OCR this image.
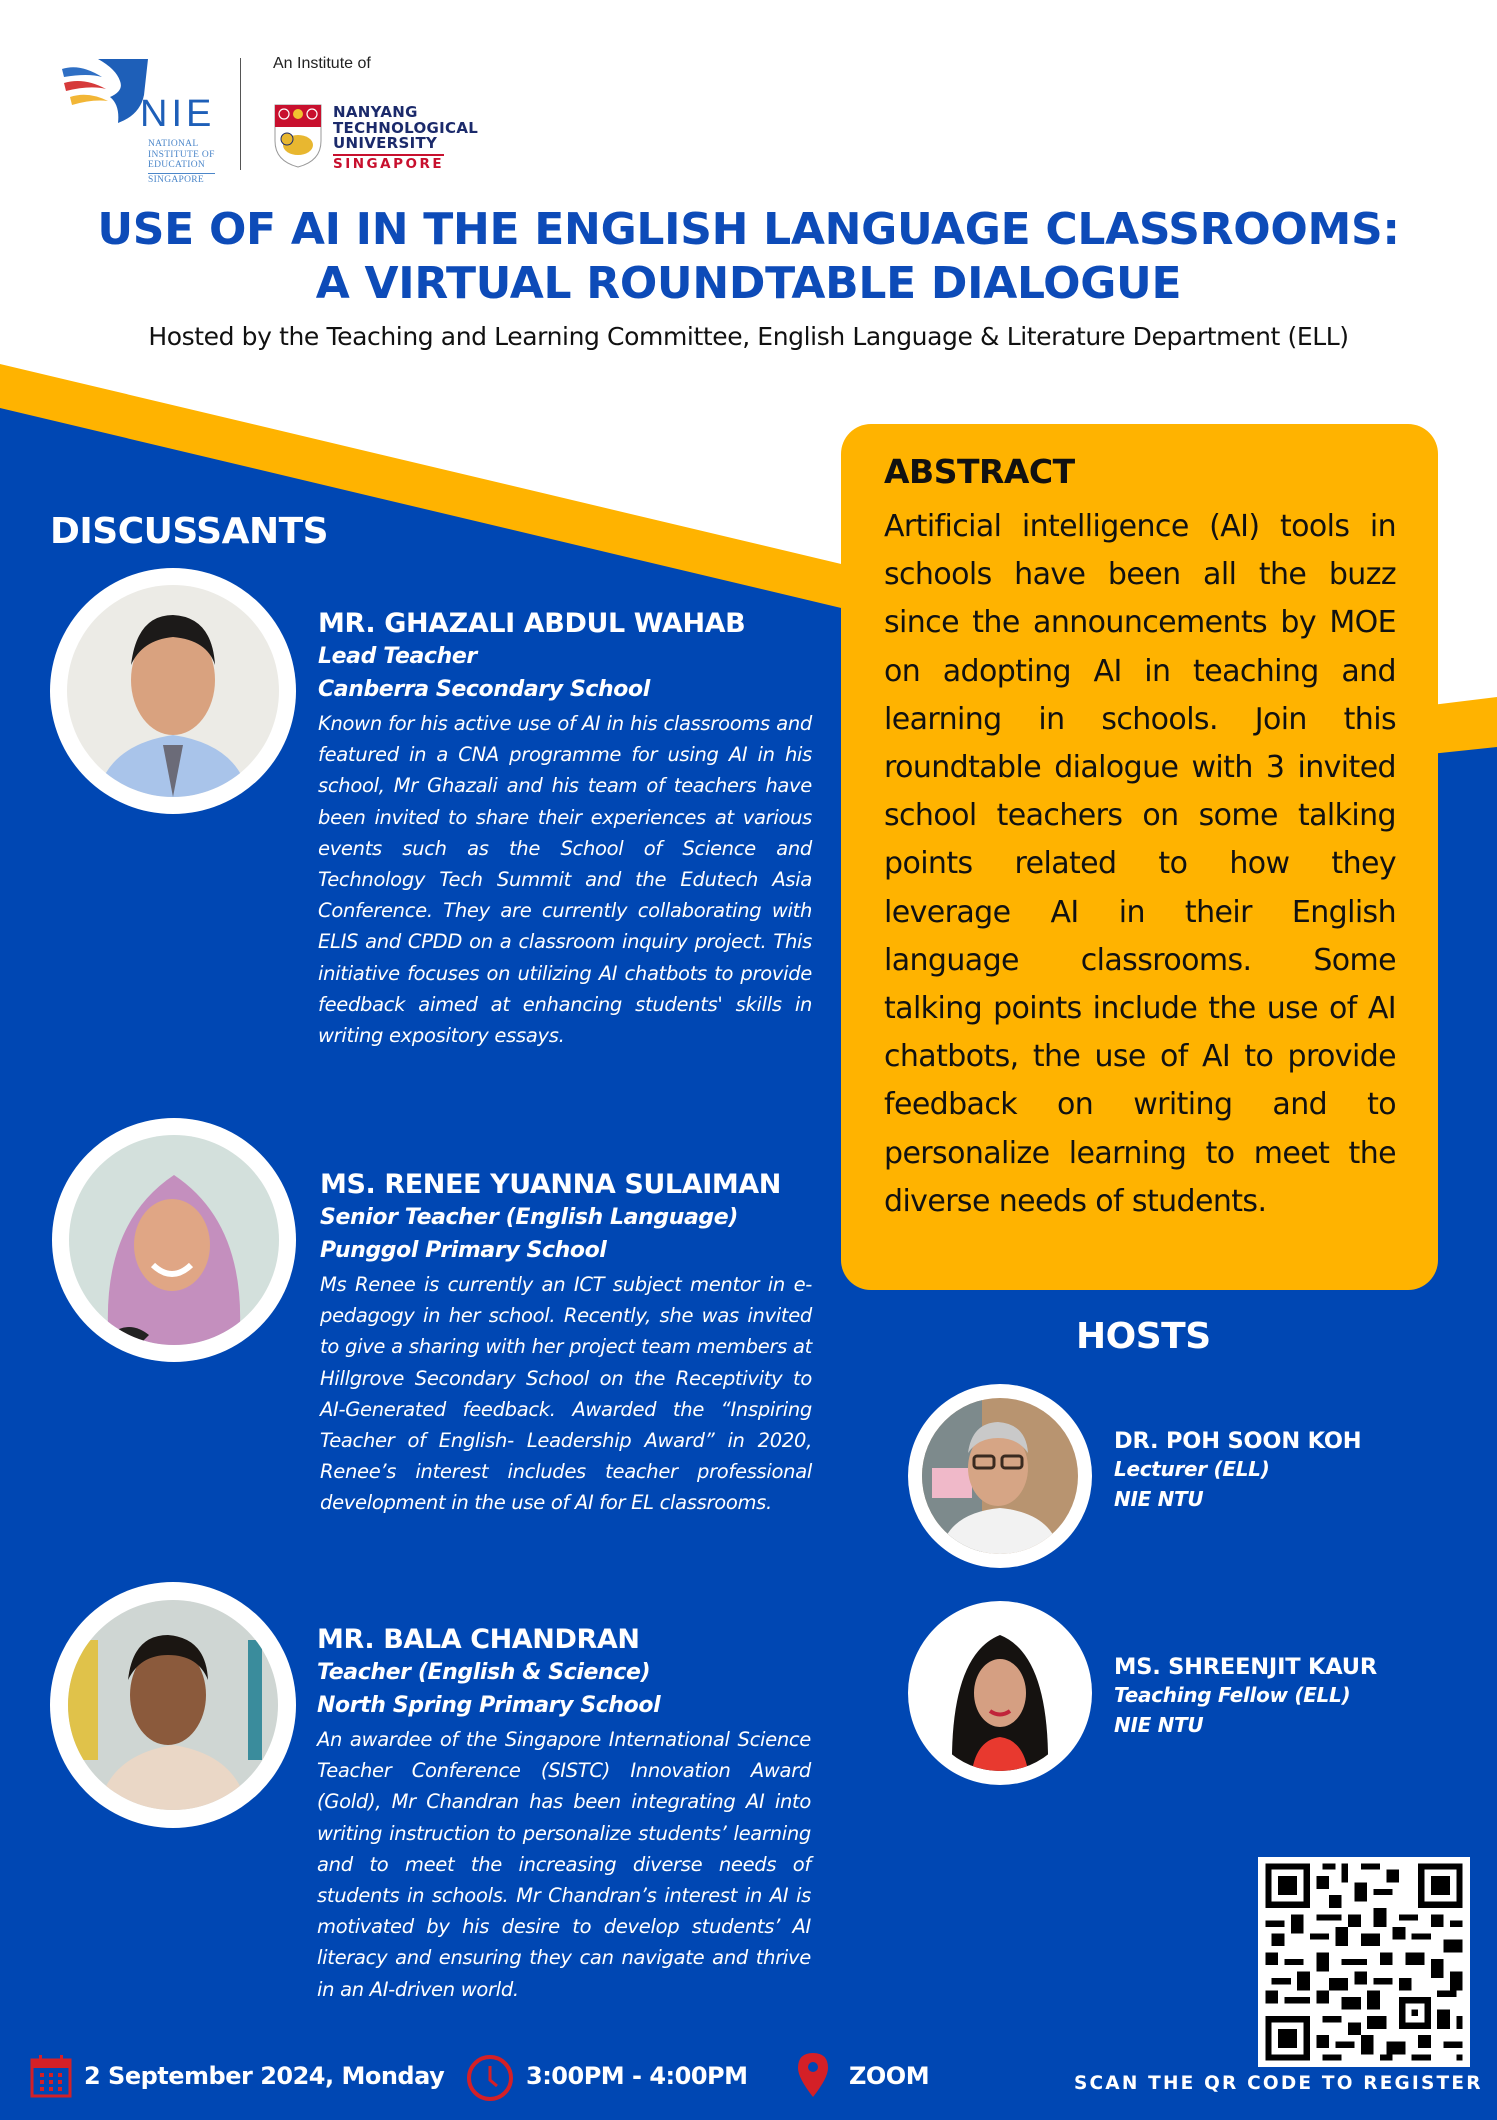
NIE
NATIONAL
INSTITUTE OF
EDUCATION
SINGAPORE
An Institute of
NANYANG
TECHNOLOGICAL
UNIVERSITY
SINGAPORE
USE OF AI IN THE ENGLISH LANGUAGE CLASSROOMS:
A VIRTUAL ROUNDTABLE DIALOGUE
Hosted by the Teaching and Learning Committee, English Language & Literature Department (ELL)
DISCUSSANTS
MR. GHAZALI ABDUL WAHAB
Lead Teacher
Canberra Secondary School
Known for his active use of AI in his classrooms and featured in a CNA programme for using AI in his school, Mr Ghazali and his team of teachers have been invited to share their experiences at various events such as the School of Science and Technology Tech Summit and the Edutech Asia Conference. They are currently collaborating with ELIS and CPDD on a classroom inquiry project. This initiative focuses on utilizing AI chatbots to provide feedback aimed at enhancing students' skills in writing expository essays.
MS. RENEE YUANNA SULAIMAN
Senior Teacher (English Language)
Punggol Primary School
Ms Renee is currently an ICT subject mentor in e-pedagogy in her school. Recently, she was invited to give a sharing with her project team members at Hillgrove Secondary School on the Receptivity to AI-Generated feedback. Awarded the “Inspiring Teacher of English- Leadership Award” in 2020, Renee’s interest includes teacher professional development in the use of AI for EL classrooms.
MR. BALA CHANDRAN
Teacher (English & Science)
North Spring Primary School
An awardee of the Singapore International Science Teacher Conference (SISTC) Innovation Award (Gold), Mr Chandran has been integrating AI into writing instruction to personalize students’ learning and to meet the increasing diverse needs of students in schools. Mr Chandran’s interest in AI is motivated by his desire to develop students’ AI literacy and ensuring they can navigate and thrive in an AI-driven world.
ABSTRACT
Artificial intelligence (AI) tools in schools have been all the buzz since the announcements by MOE on adopting AI in teaching and learning in schools. Join this roundtable dialogue with 3 invited school teachers on some talking points related to how they leverage AI in their English language classrooms. Some talking points include the use of AI chatbots, the use of AI to provide feedback on writing and to personalize learning to meet the diverse needs of students.
HOSTS
DR. POH SOON KOH
Lecturer (ELL)
NIE NTU
MS. SHREENJIT KAUR
Teaching Fellow (ELL)
NIE NTU
SCAN THE QR CODE TO REGISTER
2 September 2024, Monday	3:00PM - 4:00PM	ZOOM
